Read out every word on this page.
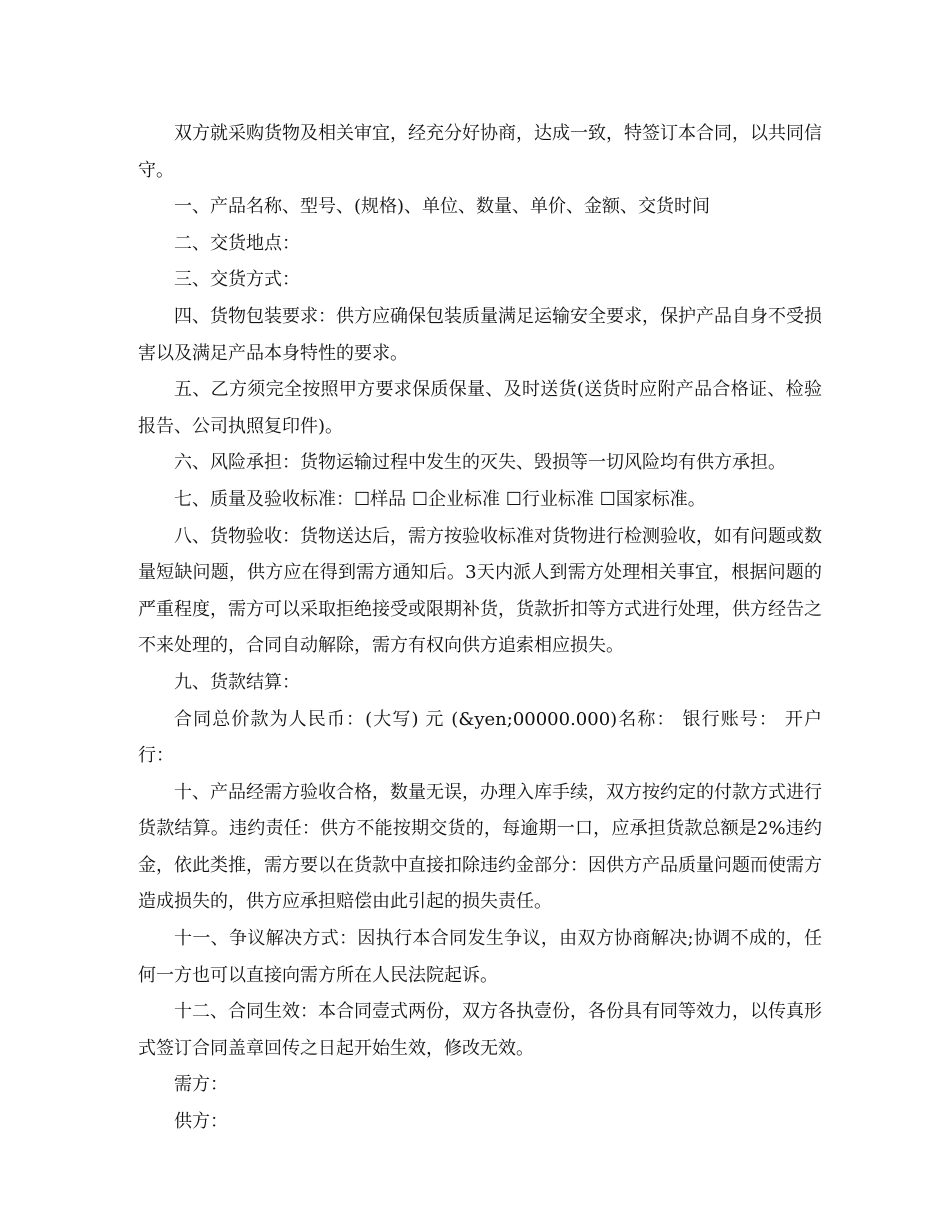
双方就采购货物及相关审宜，经充分好协商，达成一致，特签订本合同，以共同信守。

一、产品名称、型号、(规格)、单位、数量、单价、金额、交货时间

二、交货地点：

三、交货方式：

四、货物包装要求：供方应确保包装质量满足运输安全要求，保护产品自身不受损害以及满足产品本身特性的要求。

五、乙方须完全按照甲方要求保质保量、及时送货(送货时应附产品合格证、检验报告、公司执照复印件)。

六、风险承担：货物运输过程中发生的灭失、毁损等一切风险均有供方承担。

七、质量及验收标准：☐样品 ☐企业标准 ☐行业标准 ☐国家标准。

八、货物验收：货物送达后，需方按验收标准对货物进行检测验收，如有问题或数量短缺问题，供方应在得到需方通知后。3天内派人到需方处理相关事宜，根据问题的严重程度，需方可以采取拒绝接受或限期补货，货款折扣等方式进行处理，供方经告之不来处理的，合同自动解除，需方有权向供方追索相应损失。

九、货款结算：

合同总价款为人民币：(大写) 元 (&yen;00000.000)名称： 银行账号： 开户行：

十、产品经需方验收合格，数量无误，办理入库手续，双方按约定的付款方式进行货款结算。违约责任：供方不能按期交货的，每逾期一口，应承担货款总额是2%违约金，依此类推，需方要以在货款中直接扣除违约金部分：因供方产品质量问题而使需方造成损失的，供方应承担赔偿由此引起的损失责任。

十一、争议解决方式：因执行本合同发生争议，由双方协商解决;协调不成的，任何一方也可以直接向需方所在人民法院起诉。

十二、合同生效：本合同壹式两份，双方各执壹份，各份具有同等效力，以传真形式签订合同盖章回传之日起开始生效，修改无效。

需方：

供方：
